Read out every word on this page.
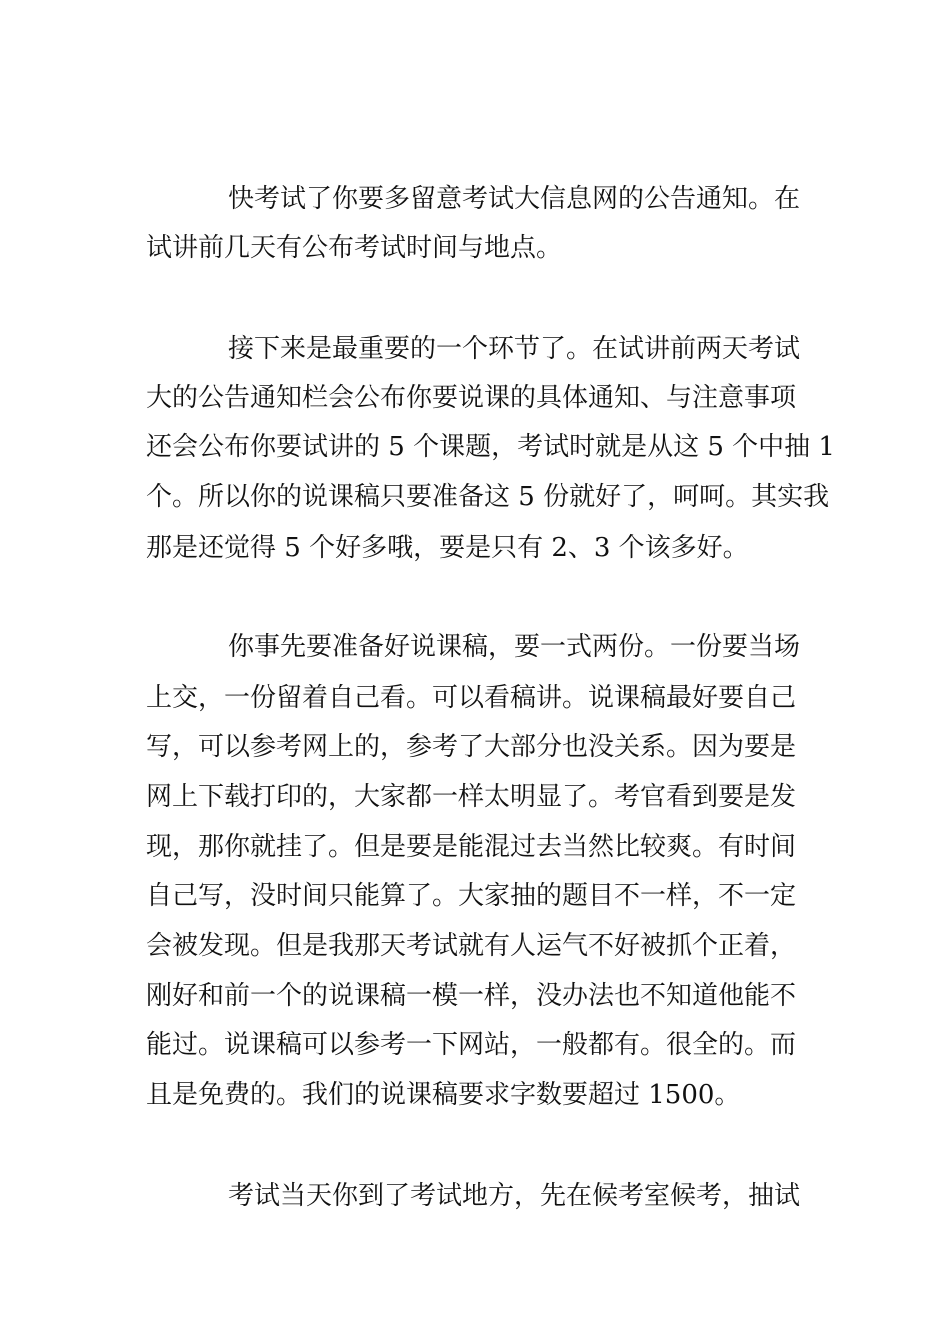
快考试了你要多留意考试大信息网的公告通知。在
试讲前几天有公布考试时间与地点。
接下来是最重要的一个环节了。在试讲前两天考试
大的公告通知栏会公布你要说课的具体通知、与注意事项
还会公布你要试讲的 5 个课题，考试时就是从这 5 个中抽 1
个。所以你的说课稿只要准备这 5 份就好了，呵呵。其实我
那是还觉得 5 个好多哦，要是只有 2、3 个该多好。
你事先要准备好说课稿，要一式两份。一份要当场
上交，一份留着自己看。可以看稿讲。说课稿最好要自己
写，可以参考网上的，参考了大部分也没关系。因为要是
网上下载打印的，大家都一样太明显了。考官看到要是发
现，那你就挂了。但是要是能混过去当然比较爽。有时间
自己写，没时间只能算了。大家抽的题目不一样，不一定
会被发现。但是我那天考试就有人运气不好被抓个正着，
刚好和前一个的说课稿一模一样，没办法也不知道他能不
能过。说课稿可以参考一下网站，一般都有。很全的。而
且是免费的。我们的说课稿要求字数要超过 1500。
考试当天你到了考试地方，先在候考室候考，抽试
